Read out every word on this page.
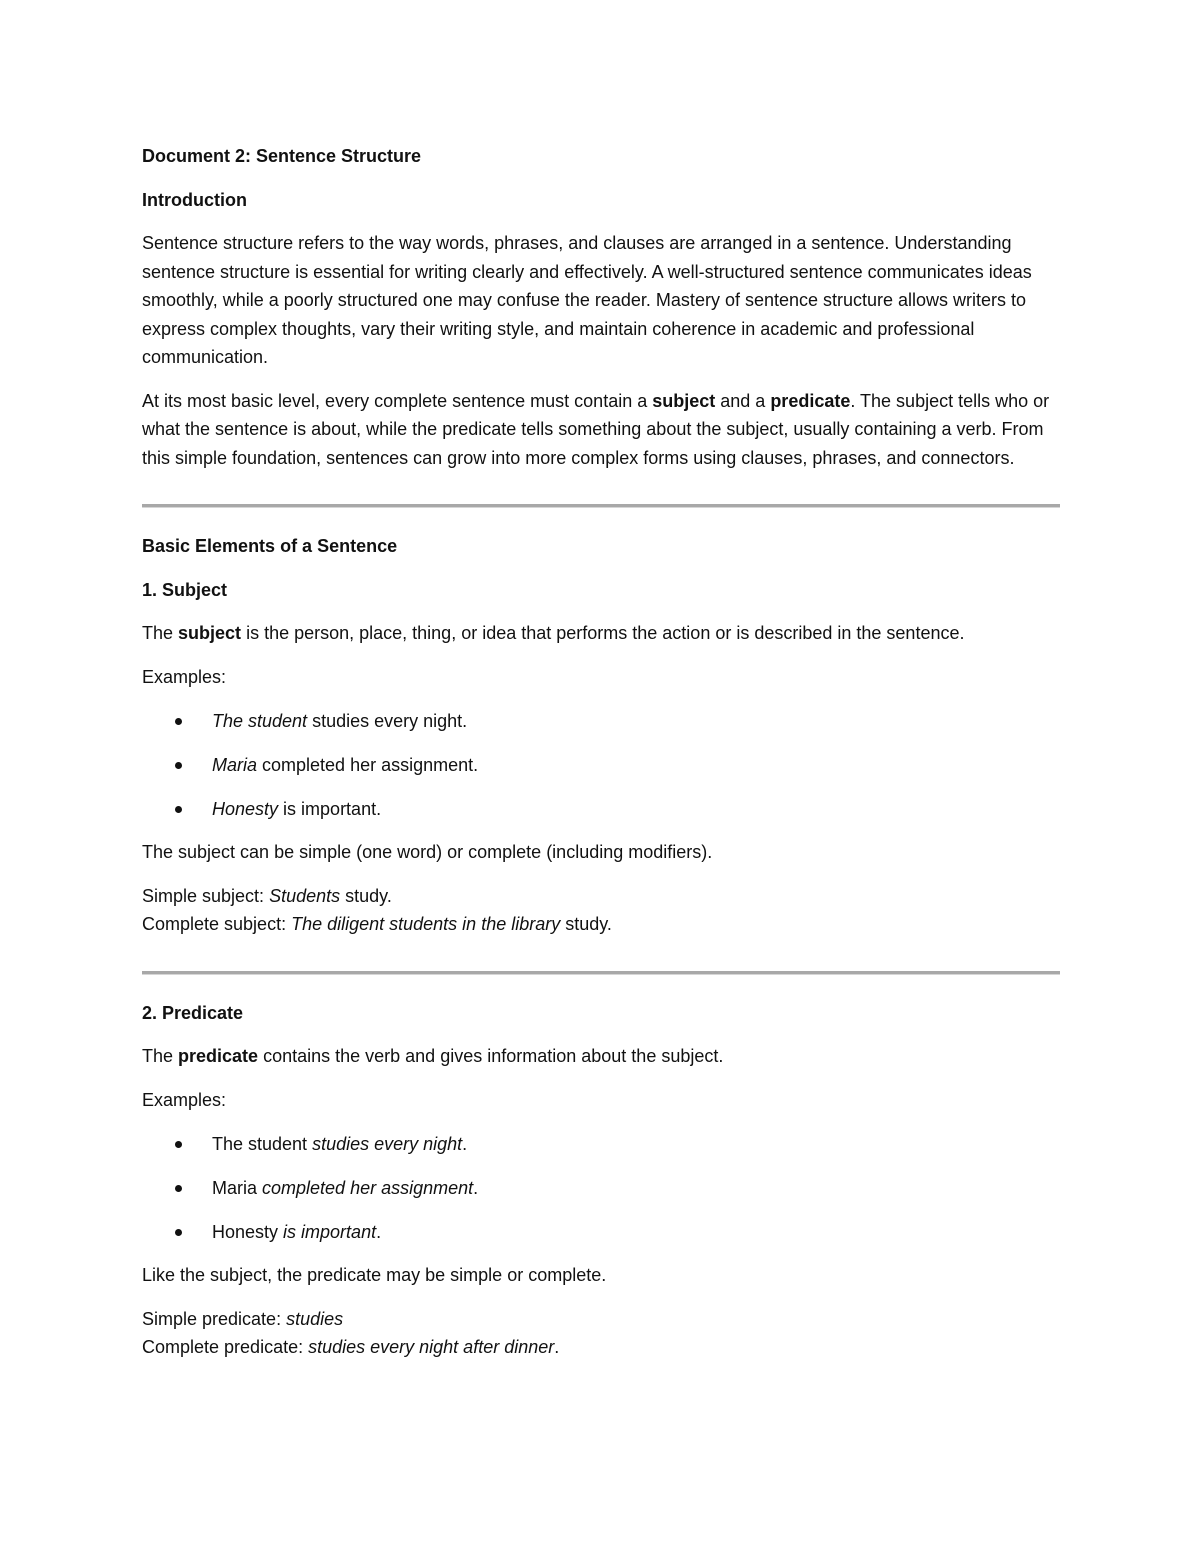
Document 2: Sentence Structure

Introduction

Sentence structure refers to the way words, phrases, and clauses are arranged in a sentence. Understanding sentence structure is essential for writing clearly and effectively. A well-structured sentence communicates ideas smoothly, while a poorly structured one may confuse the reader. Mastery of sentence structure allows writers to express complex thoughts, vary their writing style, and maintain coherence in academic and professional communication.

At its most basic level, every complete sentence must contain a subject and a predicate. The subject tells who or what the sentence is about, while the predicate tells something about the subject, usually containing a verb. From this simple foundation, sentences can grow into more complex forms using clauses, phrases, and connectors.

Basic Elements of a Sentence

1. Subject

The subject is the person, place, thing, or idea that performs the action or is described in the sentence.

Examples:

The student studies every night.
Maria completed her assignment.
Honesty is important.

The subject can be simple (one word) or complete (including modifiers).

Simple subject: Students study.

Complete subject: The diligent students in the library study.

2. Predicate

The predicate contains the verb and gives information about the subject.

Examples:

The student studies every night.
Maria completed her assignment.
Honesty is important.

Like the subject, the predicate may be simple or complete.

Simple predicate: studies

Complete predicate: studies every night after dinner.
